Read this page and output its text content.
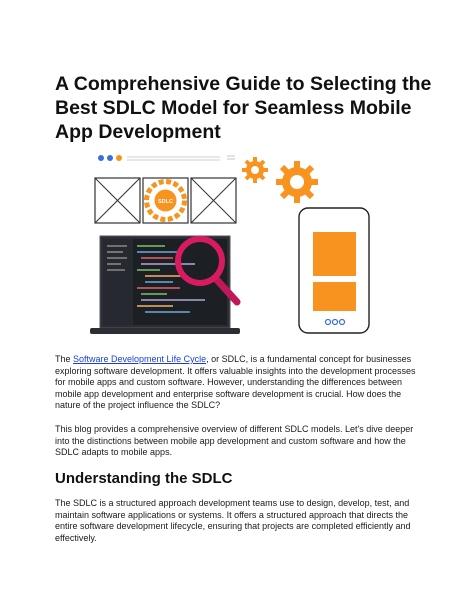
A Comprehensive Guide to Selecting the Best SDLC Model for Seamless Mobile App Development
SDLC

The Software Development Life Cycle, or SDLC, is a fundamental concept for businesses exploring software development. It offers valuable insights into the development processes for mobile apps and custom software. However, understanding the differences between mobile app development and enterprise software development is crucial. How does the nature of the project influence the SDLC?

This blog provides a comprehensive overview of different SDLC models. Let's dive deeper into the distinctions between mobile app development and custom software and how the SDLC adapts to mobile apps.

Understanding the SDLC

The SDLC is a structured approach development teams use to design, develop, test, and maintain software applications or systems. It offers a structured approach that directs the entire software development lifecycle, ensuring that projects are completed efficiently and effectively.
